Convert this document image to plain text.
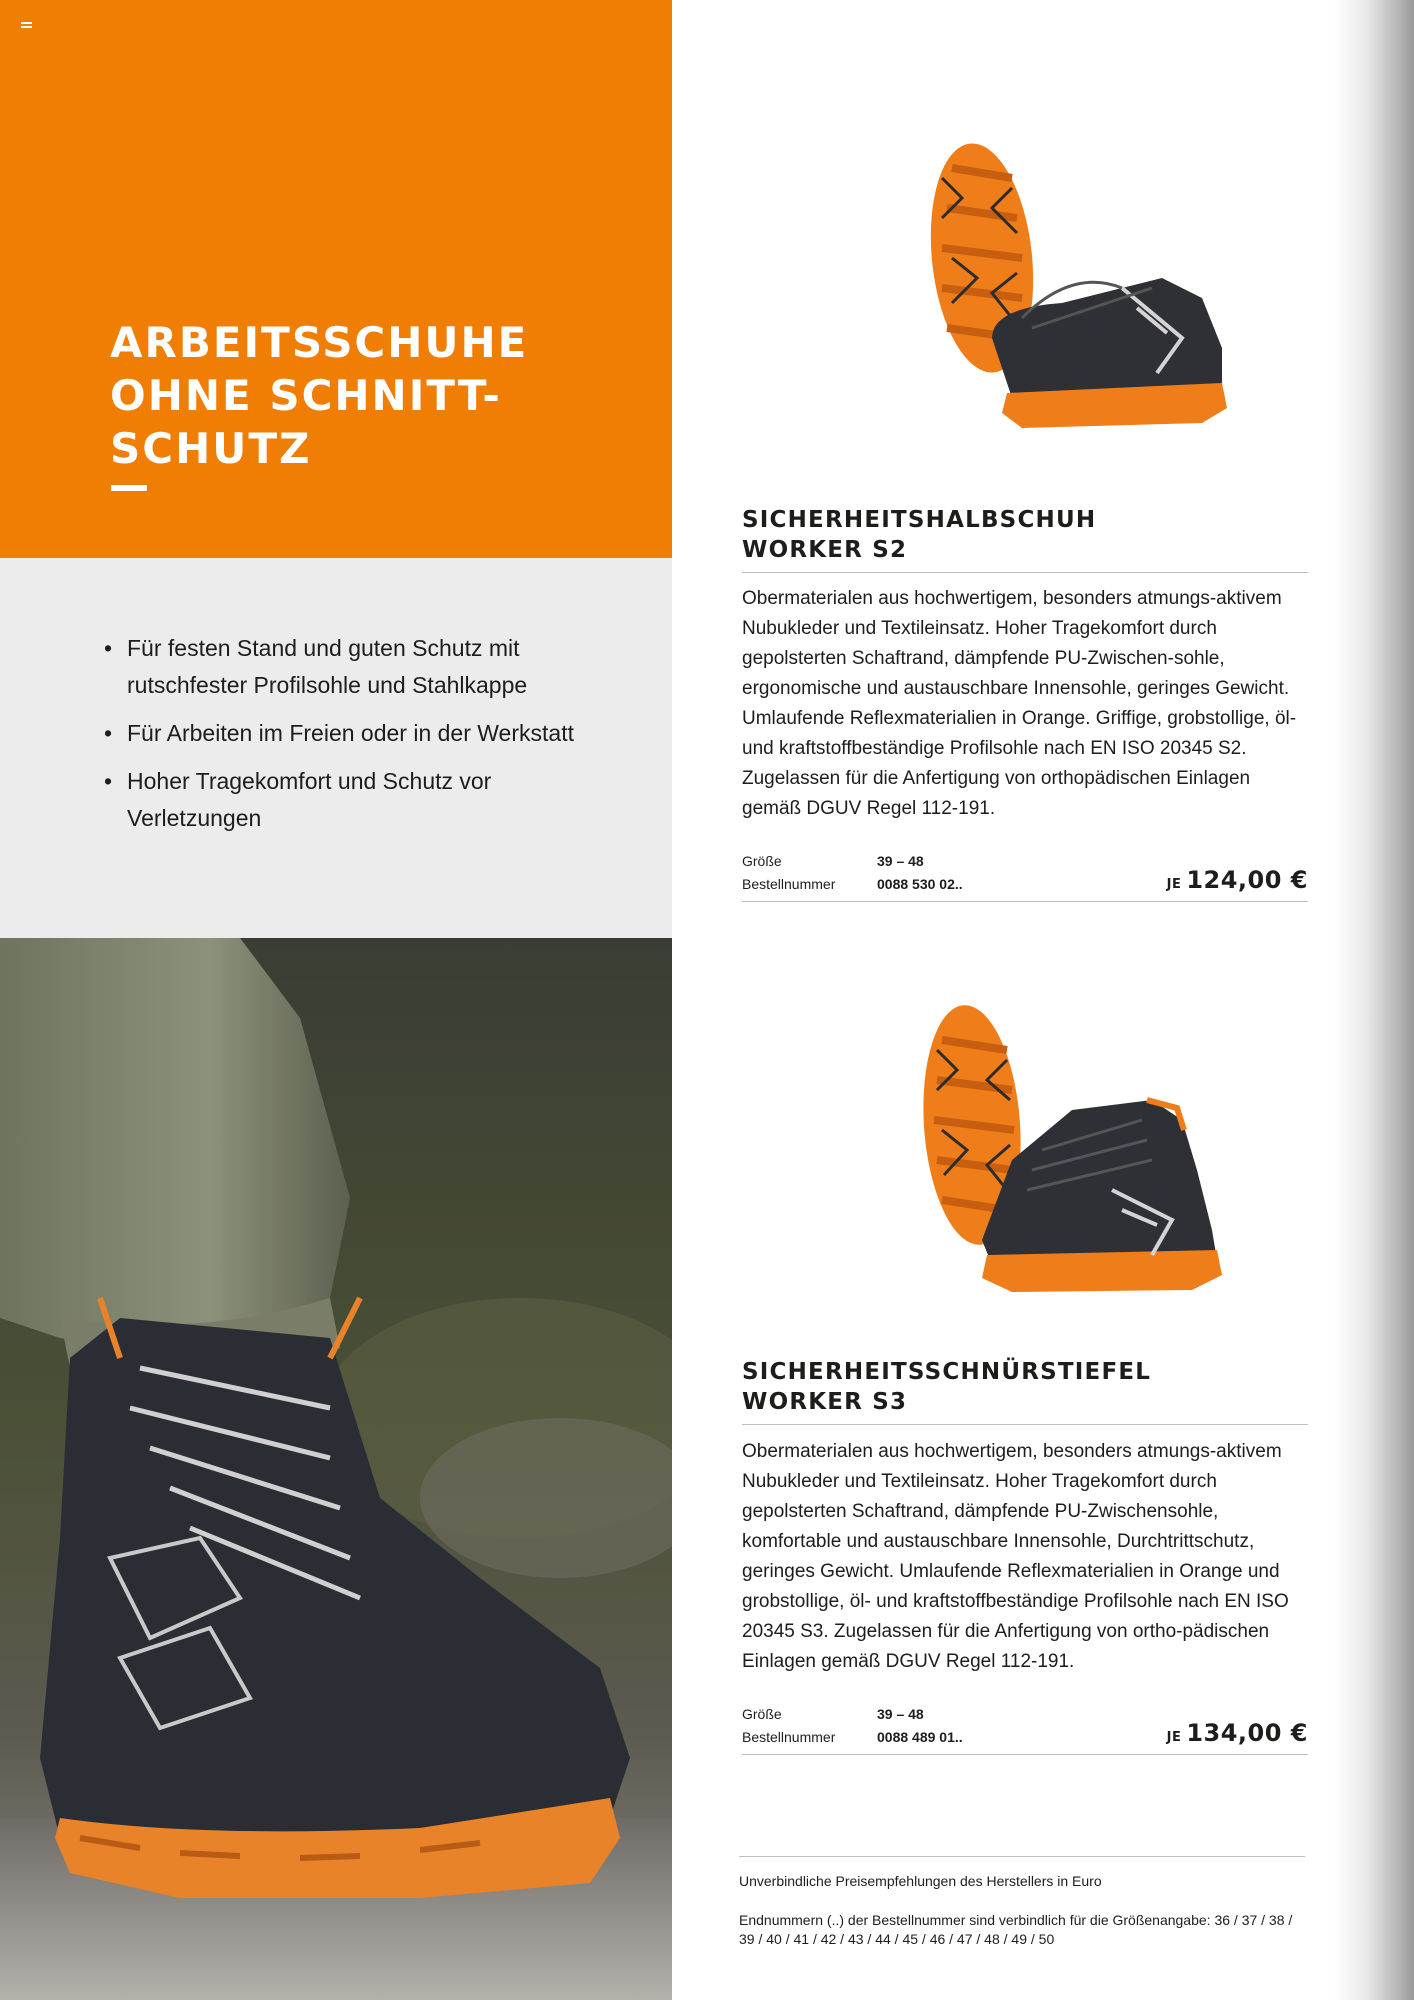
ARBEITSSCHUHE
OHNE SCHNITT-
SCHUTZ
• Für festen Stand und guten Schutz mit rutschfester Profilsohle und Stahlkappe
• Für Arbeiten im Freien oder in der Werkstatt
• Hoher Tragekomfort und Schutz vor Verletzungen
SICHERHEITSHALBSCHUH
WORKER S2

Obermaterialen aus hochwertigem, besonders atmungs-aktivem Nubukleder und Textileinsatz. Hoher Tragekomfort durch gepolsterten Schaftrand, dämpfende PU-Zwischen-sohle, ergonomische und austauschbare Innensohle, geringes Gewicht. Umlaufende Reflexmaterialien in Orange. Griffige, grobstollige, öl- und kraftstoffbeständige Profilsohle nach EN ISO 20345 S2. Zugelassen für die Anfertigung von orthopädischen Einlagen gemäß DGUV Regel 112-191.

Größe	39 – 48
Bestellnummer	0088 530 02..	JE 124,00 €
SICHERHEITSSCHNÜRSTIEFEL
WORKER S3

Obermaterialen aus hochwertigem, besonders atmungs-aktivem Nubukleder und Textileinsatz. Hoher Tragekomfort durch gepolsterten Schaftrand, dämpfende PU-Zwischensohle, komfortable und austauschbare Innensohle, Durchtrittschutz, geringes Gewicht. Umlaufende Reflexmaterialien in Orange und grobstollige, öl- und kraftstoffbeständige Profilsohle nach EN ISO 20345 S3. Zugelassen für die Anfertigung von ortho-pädischen Einlagen gemäß DGUV Regel 112-191.

Größe	39 – 48
Bestellnummer	0088 489 01..	JE 134,00 €

Unverbindliche Preisempfehlungen des Herstellers in Euro

Endnummern (..) der Bestellnummer sind verbindlich für die Größenangabe: 36 / 37 / 38 / 39 / 40 / 41 / 42 / 43 / 44 / 45 / 46 / 47 / 48 / 49 / 50
